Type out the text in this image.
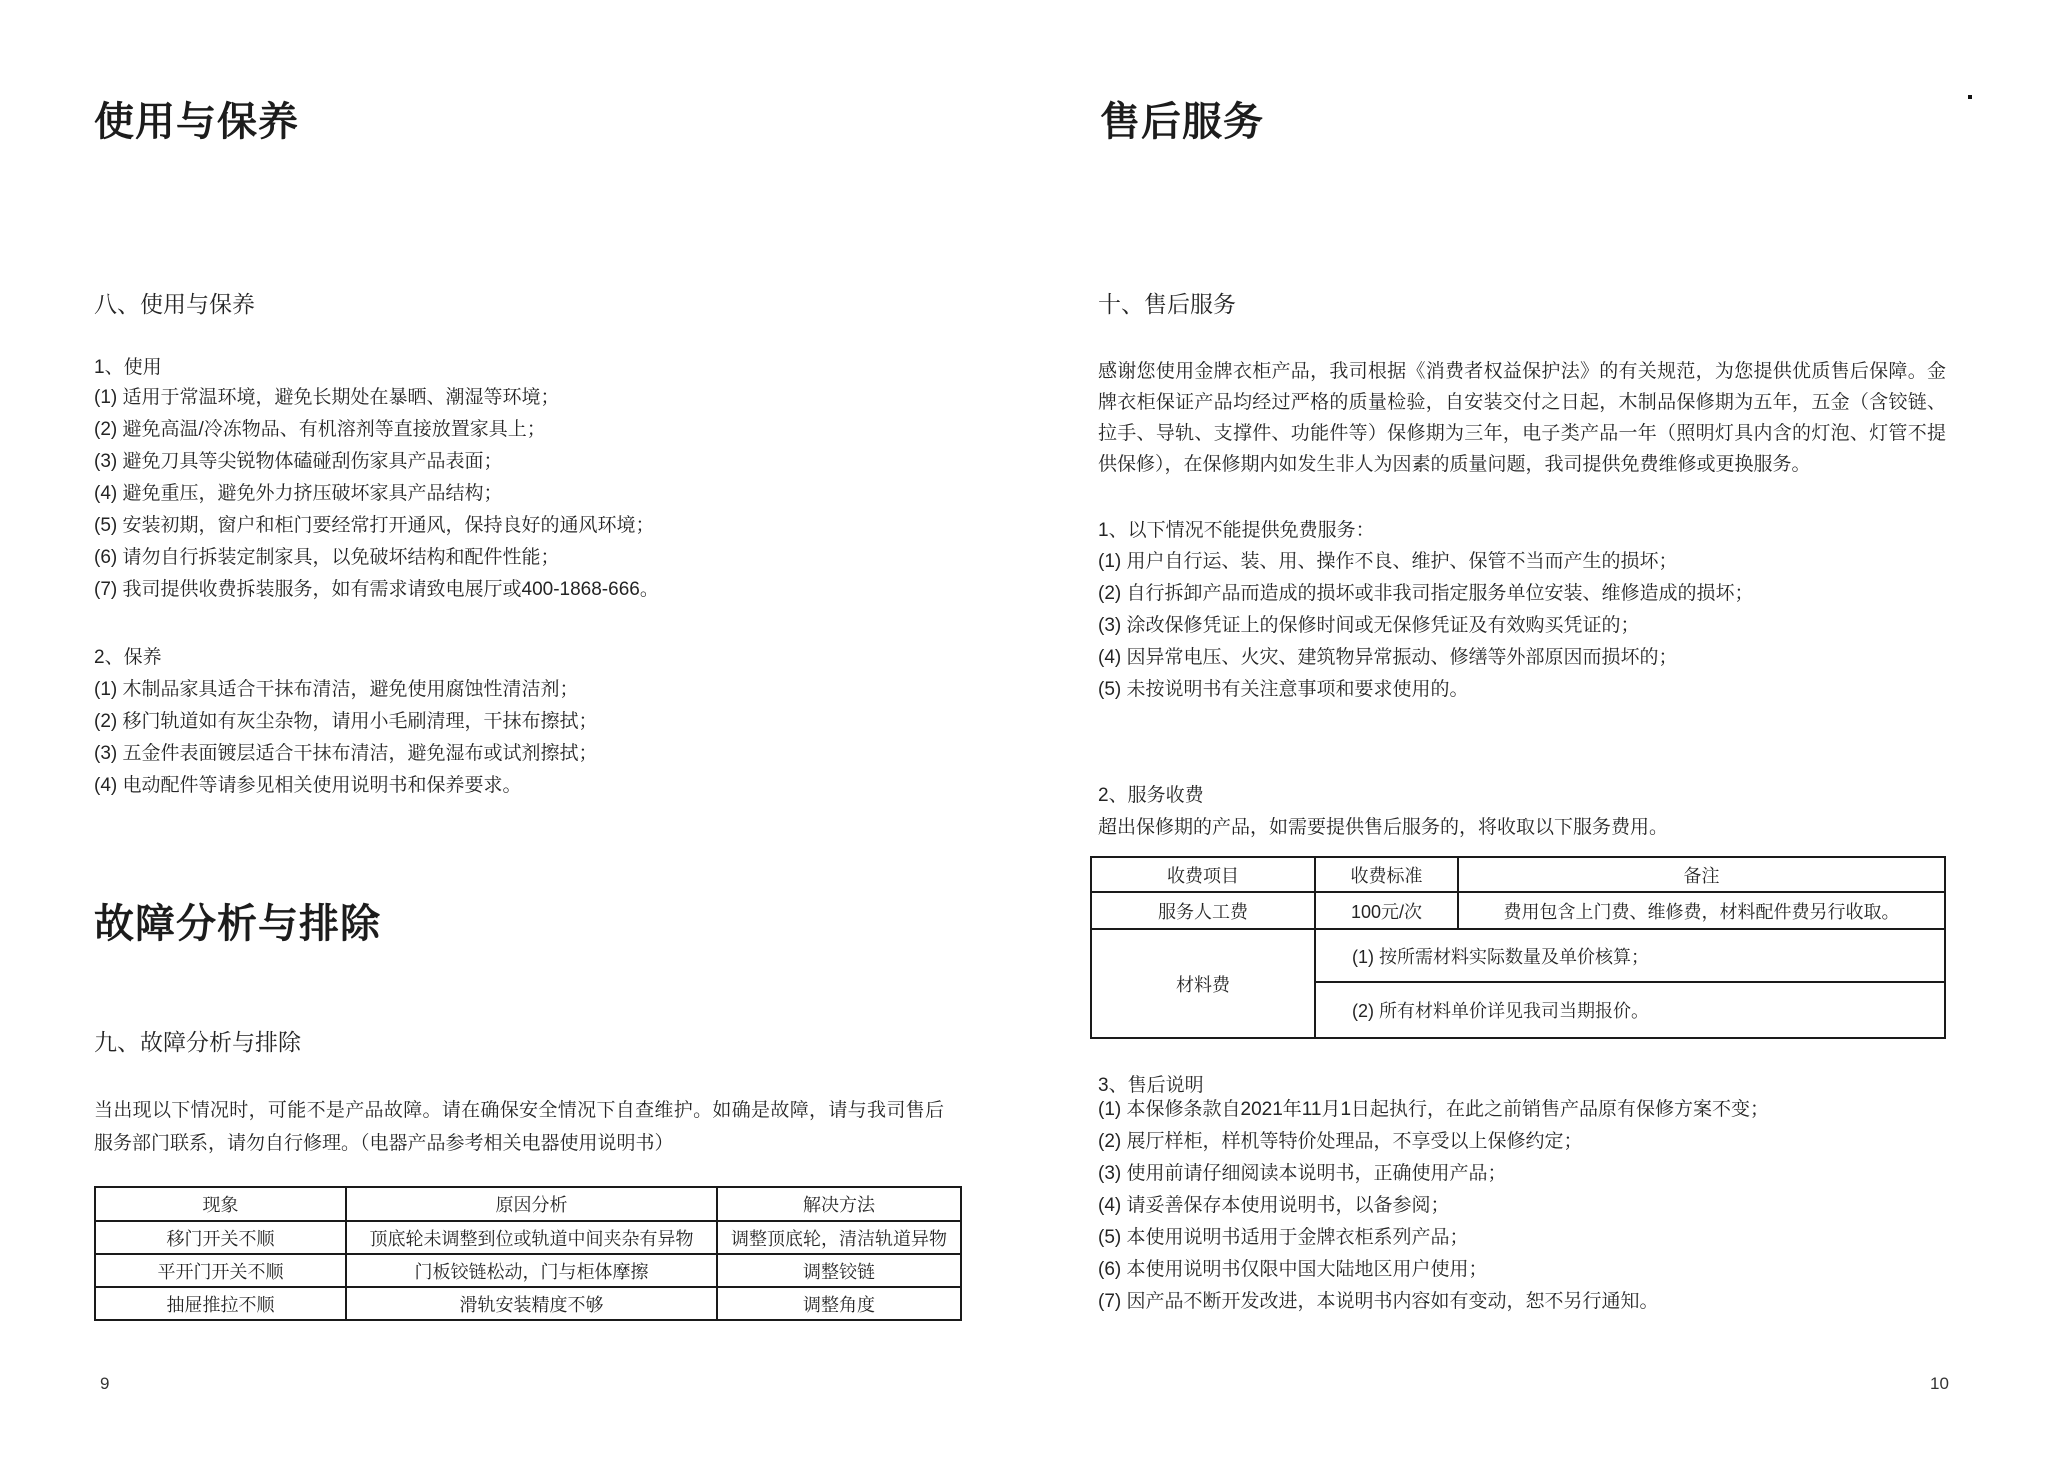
使用与保养
八、使用与保养
1、使用
(1) 适用于常温环境，避免长期处在暴晒、潮湿等环境；
(2) 避免高温/冷冻物品、有机溶剂等直接放置家具上；
(3) 避免刀具等尖锐物体磕碰刮伤家具产品表面；
(4) 避免重压，避免外力挤压破坏家具产品结构；
(5) 安装初期，窗户和柜门要经常打开通风，保持良好的通风环境；
(6) 请勿自行拆装定制家具，以免破坏结构和配件性能；
(7) 我司提供收费拆装服务，如有需求请致电展厅或400-1868-666。
2、保养
(1) 木制品家具适合干抹布清洁，避免使用腐蚀性清洁剂；
(2) 移门轨道如有灰尘杂物，请用小毛刷清理，干抹布擦拭；
(3) 五金件表面镀层适合干抹布清洁，避免湿布或试剂擦拭；
(4) 电动配件等请参见相关使用说明书和保养要求。
故障分析与排除
九、故障分析与排除
当出现以下情况时，可能不是产品故障。请在确保安全情况下自查维护。如确是故障，请与我司售后服务部门联系，请勿自行修理。（电器产品参考相关电器使用说明书）
现象	原因分析	解决方法
移门开关不顺	顶底轮未调整到位或轨道中间夹杂有异物	调整顶底轮，清洁轨道异物
平开门开关不顺	门板铰链松动，门与柜体摩擦	调整铰链
抽屉推拉不顺	滑轨安装精度不够	调整角度
9
售后服务
十、售后服务
感谢您使用金牌衣柜产品，我司根据《消费者权益保护法》的有关规范，为您提供优质售后保障。金牌衣柜保证产品均经过严格的质量检验，自安装交付之日起，木制品保修期为五年，五金（含铰链、拉手、导轨、支撑件、功能件等）保修期为三年，电子类产品一年（照明灯具内含的灯泡、灯管不提供保修），在保修期内如发生非人为因素的质量问题，我司提供免费维修或更换服务。
1、以下情况不能提供免费服务：
(1) 用户自行运、装、用、操作不良、维护、保管不当而产生的损坏；
(2) 自行拆卸产品而造成的损坏或非我司指定服务单位安装、维修造成的损坏；
(3) 涂改保修凭证上的保修时间或无保修凭证及有效购买凭证的；
(4) 因异常电压、火灾、建筑物异常振动、修缮等外部原因而损坏的；
(5) 未按说明书有关注意事项和要求使用的。
2、服务收费
超出保修期的产品，如需要提供售后服务的，将收取以下服务费用。
收费项目	收费标准	备注
服务人工费	100元/次	费用包含上门费、维修费，材料配件费另行收取。
材料费	(1) 按所需材料实际数量及单价核算；	
	(2) 所有材料单价详见我司当期报价。	
3、售后说明
(1) 本保修条款自2021年11月1日起执行，在此之前销售产品原有保修方案不变；
(2) 展厅样柜，样机等特价处理品，不享受以上保修约定；
(3) 使用前请仔细阅读本说明书，正确使用产品；
(4) 请妥善保存本使用说明书，以备参阅；
(5) 本使用说明书适用于金牌衣柜系列产品；
(6) 本使用说明书仅限中国大陆地区用户使用；
(7) 因产品不断开发改进，本说明书内容如有变动，恕不另行通知。
10
